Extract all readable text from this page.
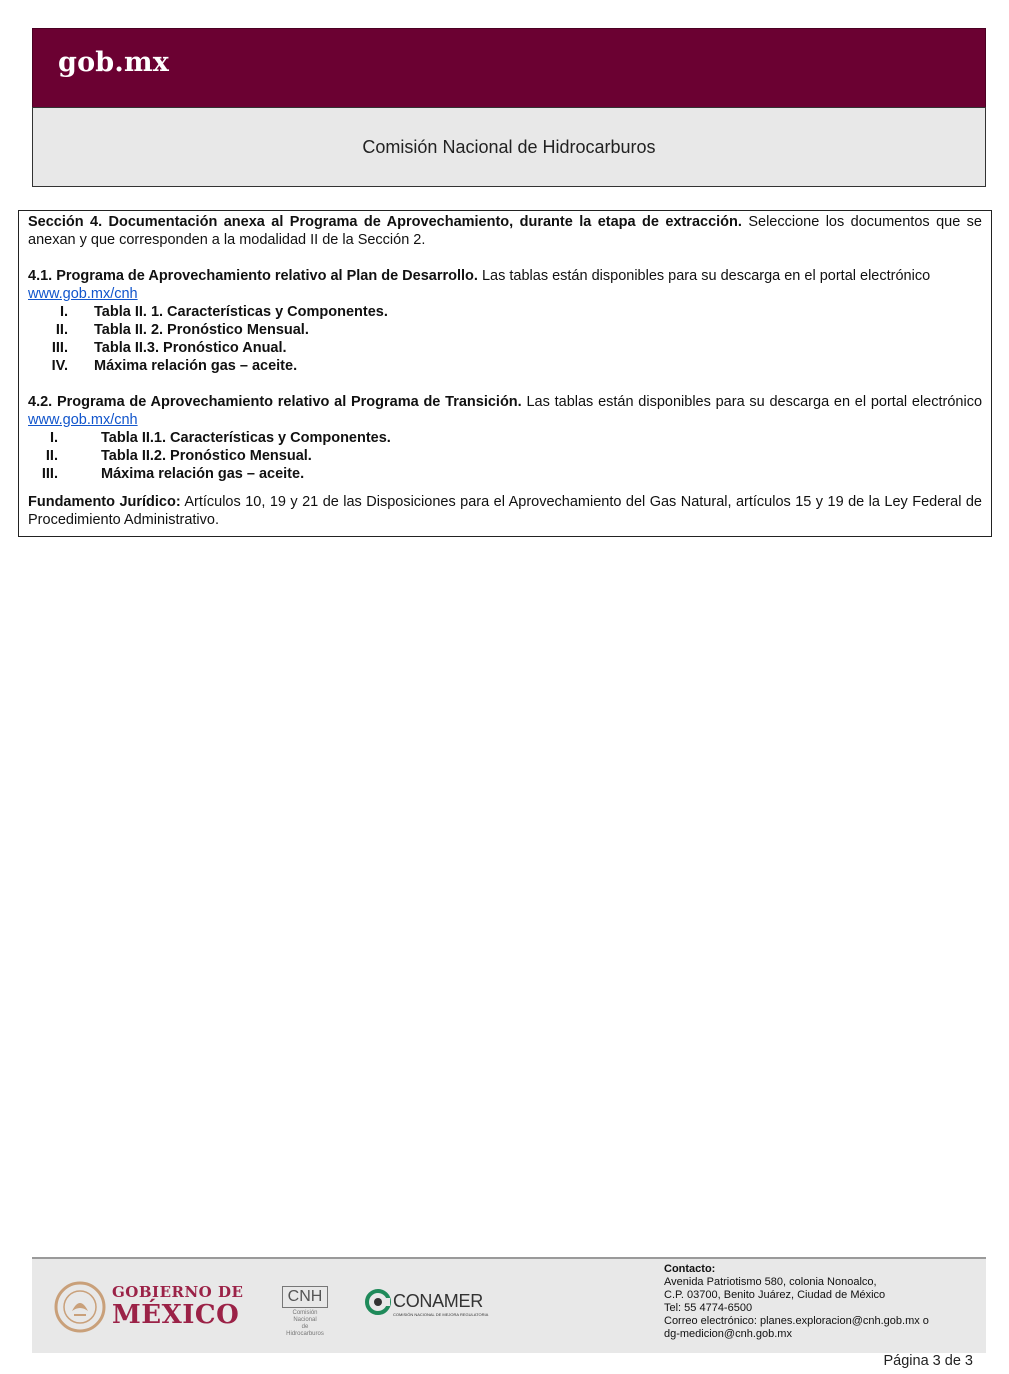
gob.mx
Comisión Nacional de Hidrocarburos

Sección 4. Documentación anexa al Programa de Aprovechamiento, durante la etapa de extracción. Seleccione los documentos que se anexan y que corresponden a la modalidad II de la Sección 2.

4.1. Programa de Aprovechamiento relativo al Plan de Desarrollo. Las tablas están disponibles para su descarga en el portal electrónico www.gob.mx/cnh

I. Tabla II. 1. Características y Componentes.
II. Tabla II. 2. Pronóstico Mensual.
III. Tabla II.3. Pronóstico Anual.
IV. Máxima relación gas – aceite.

4.2. Programa de Aprovechamiento relativo al Programa de Transición. Las tablas están disponibles para su descarga en el portal electrónico www.gob.mx/cnh

I.	Tabla II.1. Características y Componentes.
II.	Tabla II.2. Pronóstico Mensual.
III.	Máxima relación gas – aceite.

Fundamento Jurídico: Artículos 10, 19 y 21 de las Disposiciones para el Aprovechamiento del Gas Natural, artículos 15 y 19 de la Ley Federal de Procedimiento Administrativo.

GOBIERNO DE
MÉXICO
CNH
Comisión Nacional
de Hidrocarburos
CONAMER
COMISIÓN NACIONAL DE MEJORA REGULATORIA
Contacto:
Avenida Patriotismo 580, colonia Nonoalco,
C.P. 03700, Benito Juárez, Ciudad de México
Tel: 55 4774-6500
Correo electrónico: planes.exploracion@cnh.gob.mx o
dg-medicion@cnh.gob.mx
Página 3 de 3
